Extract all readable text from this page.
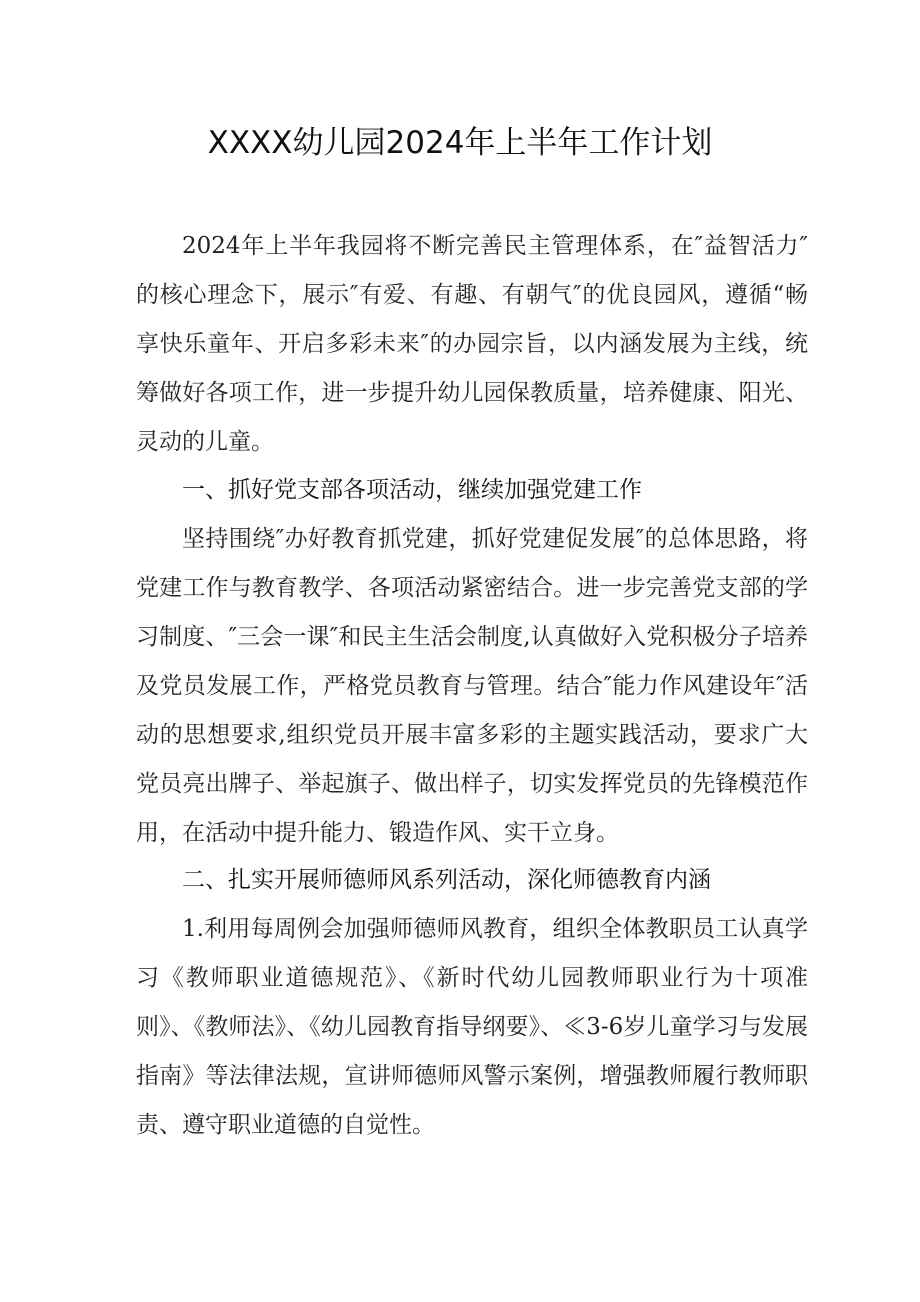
XXXX幼儿园2024年上半年工作计划

2024年上半年我园将不断完善民主管理体系，在″益智活力″的核心理念下，展示″有爱、有趣、有朝气″的优良园风，遵循“畅享快乐童年、开启多彩未来″的办园宗旨，以内涵发展为主线，统筹做好各项工作，进一步提升幼儿园保教质量，培养健康、阳光、灵动的儿童。

一、抓好党支部各项活动，继续加强党建工作

坚持围绕″办好教育抓党建，抓好党建促发展″的总体思路，将党建工作与教育教学、各项活动紧密结合。进一步完善党支部的学习制度、″三会一课″和民主生活会制度,认真做好入党积极分子培养及党员发展工作，严格党员教育与管理。结合″能力作风建设年″活动的思想要求,组织党员开展丰富多彩的主题实践活动，要求广大党员亮出牌子、举起旗子、做出样子，切实发挥党员的先锋模范作用，在活动中提升能力、锻造作风、实干立身。

二、扎实开展师德师风系列活动，深化师德教育内涵

1.利用每周例会加强师德师风教育，组织全体教职员工认真学习《教师职业道德规范》、《新时代幼儿园教师职业行为十项准则》、《教师法》、《幼儿园教育指导纲要》、≪3-6岁儿童学习与发展指南》等法律法规，宣讲师德师风警示案例，增强教师履行教师职责、遵守职业道德的自觉性。
